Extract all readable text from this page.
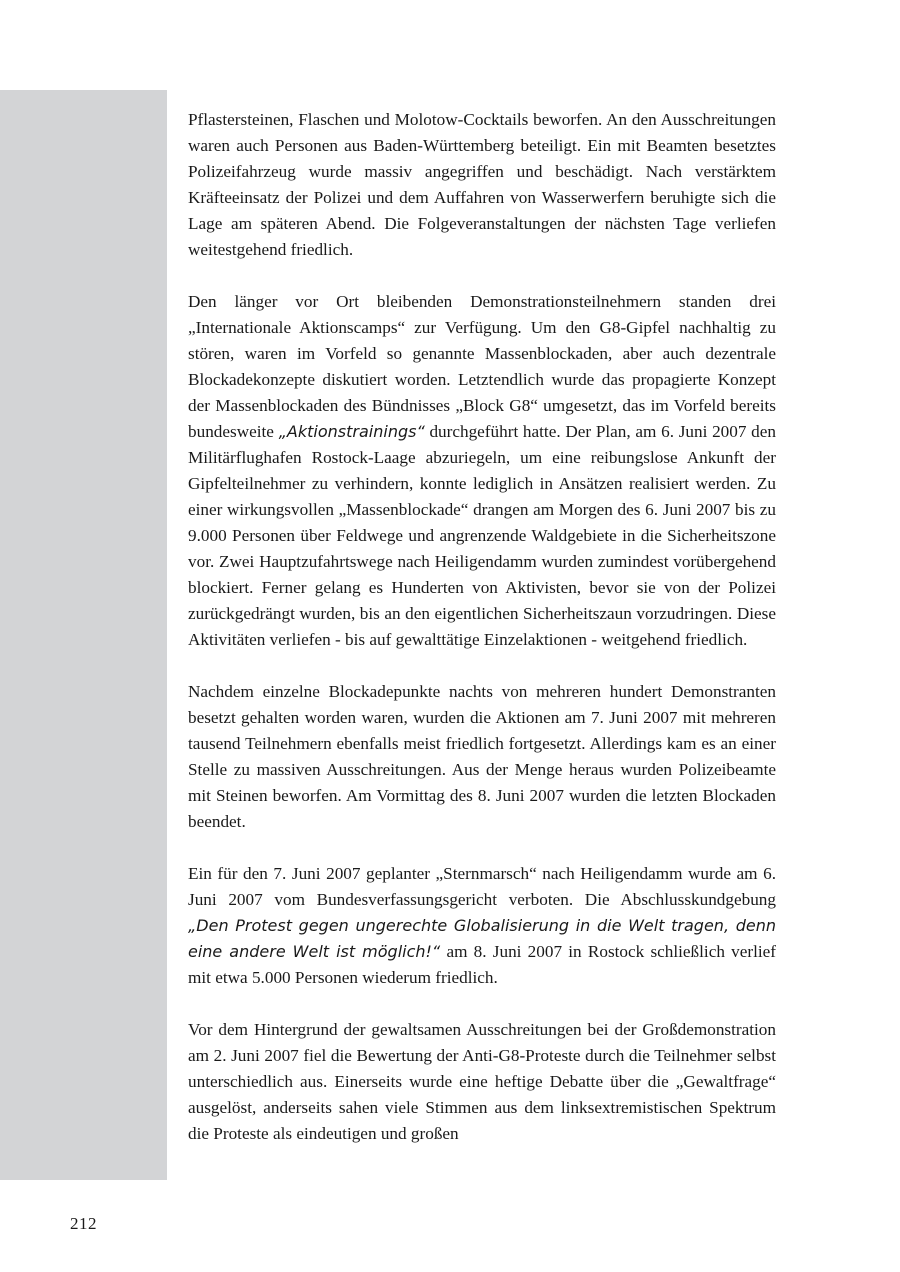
Pflastersteinen, Flaschen und Molotow-Cocktails beworfen. An den Ausschreitungen waren auch Personen aus Baden-Württemberg beteiligt. Ein mit Beamten besetztes Polizeifahrzeug wurde massiv angegriffen und beschädigt. Nach verstärktem Kräfteeinsatz der Polizei und dem Auffahren von Wasserwerfern beruhigte sich die Lage am späteren Abend. Die Folgeveranstaltungen der nächsten Tage verliefen weitestgehend friedlich.

Den länger vor Ort bleibenden Demonstrationsteilnehmern standen drei „Internationale Aktionscamps“ zur Verfügung. Um den G8-Gipfel nachhaltig zu stören, waren im Vorfeld so genannte Massenblockaden, aber auch dezentrale Blockadekonzepte diskutiert worden. Letztendlich wurde das propagierte Konzept der Massenblockaden des Bündnisses „Block G8“ umgesetzt, das im Vorfeld bereits bundesweite „Aktionstrainings“ durchgeführt hatte. Der Plan, am 6. Juni 2007 den Militärflughafen Rostock-Laage abzuriegeln, um eine reibungslose Ankunft der Gipfelteilnehmer zu verhindern, konnte lediglich in Ansätzen realisiert werden. Zu einer wirkungsvollen „Massenblockade“ drangen am Morgen des 6. Juni 2007 bis zu 9.000 Personen über Feldwege und angrenzende Waldgebiete in die Sicherheitszone vor. Zwei Hauptzufahrtswege nach Heiligendamm wurden zumindest vorübergehend blockiert. Ferner gelang es Hunderten von Aktivisten, bevor sie von der Polizei zurückgedrängt wurden, bis an den eigentlichen Sicherheitszaun vorzudringen. Diese Aktivitäten verliefen - bis auf gewalttätige Einzelaktionen - weitgehend friedlich.

Nachdem einzelne Blockadepunkte nachts von mehreren hundert Demonstranten besetzt gehalten worden waren, wurden die Aktionen am 7. Juni 2007 mit mehreren tausend Teilnehmern ebenfalls meist friedlich fortgesetzt. Allerdings kam es an einer Stelle zu massiven Ausschreitungen. Aus der Menge heraus wurden Polizeibeamte mit Steinen beworfen. Am Vormittag des 8. Juni 2007 wurden die letzten Blockaden beendet.

Ein für den 7. Juni 2007 geplanter „Sternmarsch“ nach Heiligendamm wurde am 6. Juni 2007 vom Bundesverfassungsgericht verboten. Die Abschlusskundgebung „Den Protest gegen ungerechte Globalisierung in die Welt tragen, denn eine andere Welt ist möglich!“ am 8. Juni 2007 in Rostock schließlich verlief mit etwa 5.000 Personen wiederum friedlich.

Vor dem Hintergrund der gewaltsamen Ausschreitungen bei der Großdemonstration am 2. Juni 2007 fiel die Bewertung der Anti-G8-Proteste durch die Teilnehmer selbst unterschiedlich aus. Einerseits wurde eine heftige Debatte über die „Gewaltfrage“ ausgelöst, anderseits sahen viele Stimmen aus dem linksextremistischen Spektrum die Proteste als eindeutigen und großen

212
